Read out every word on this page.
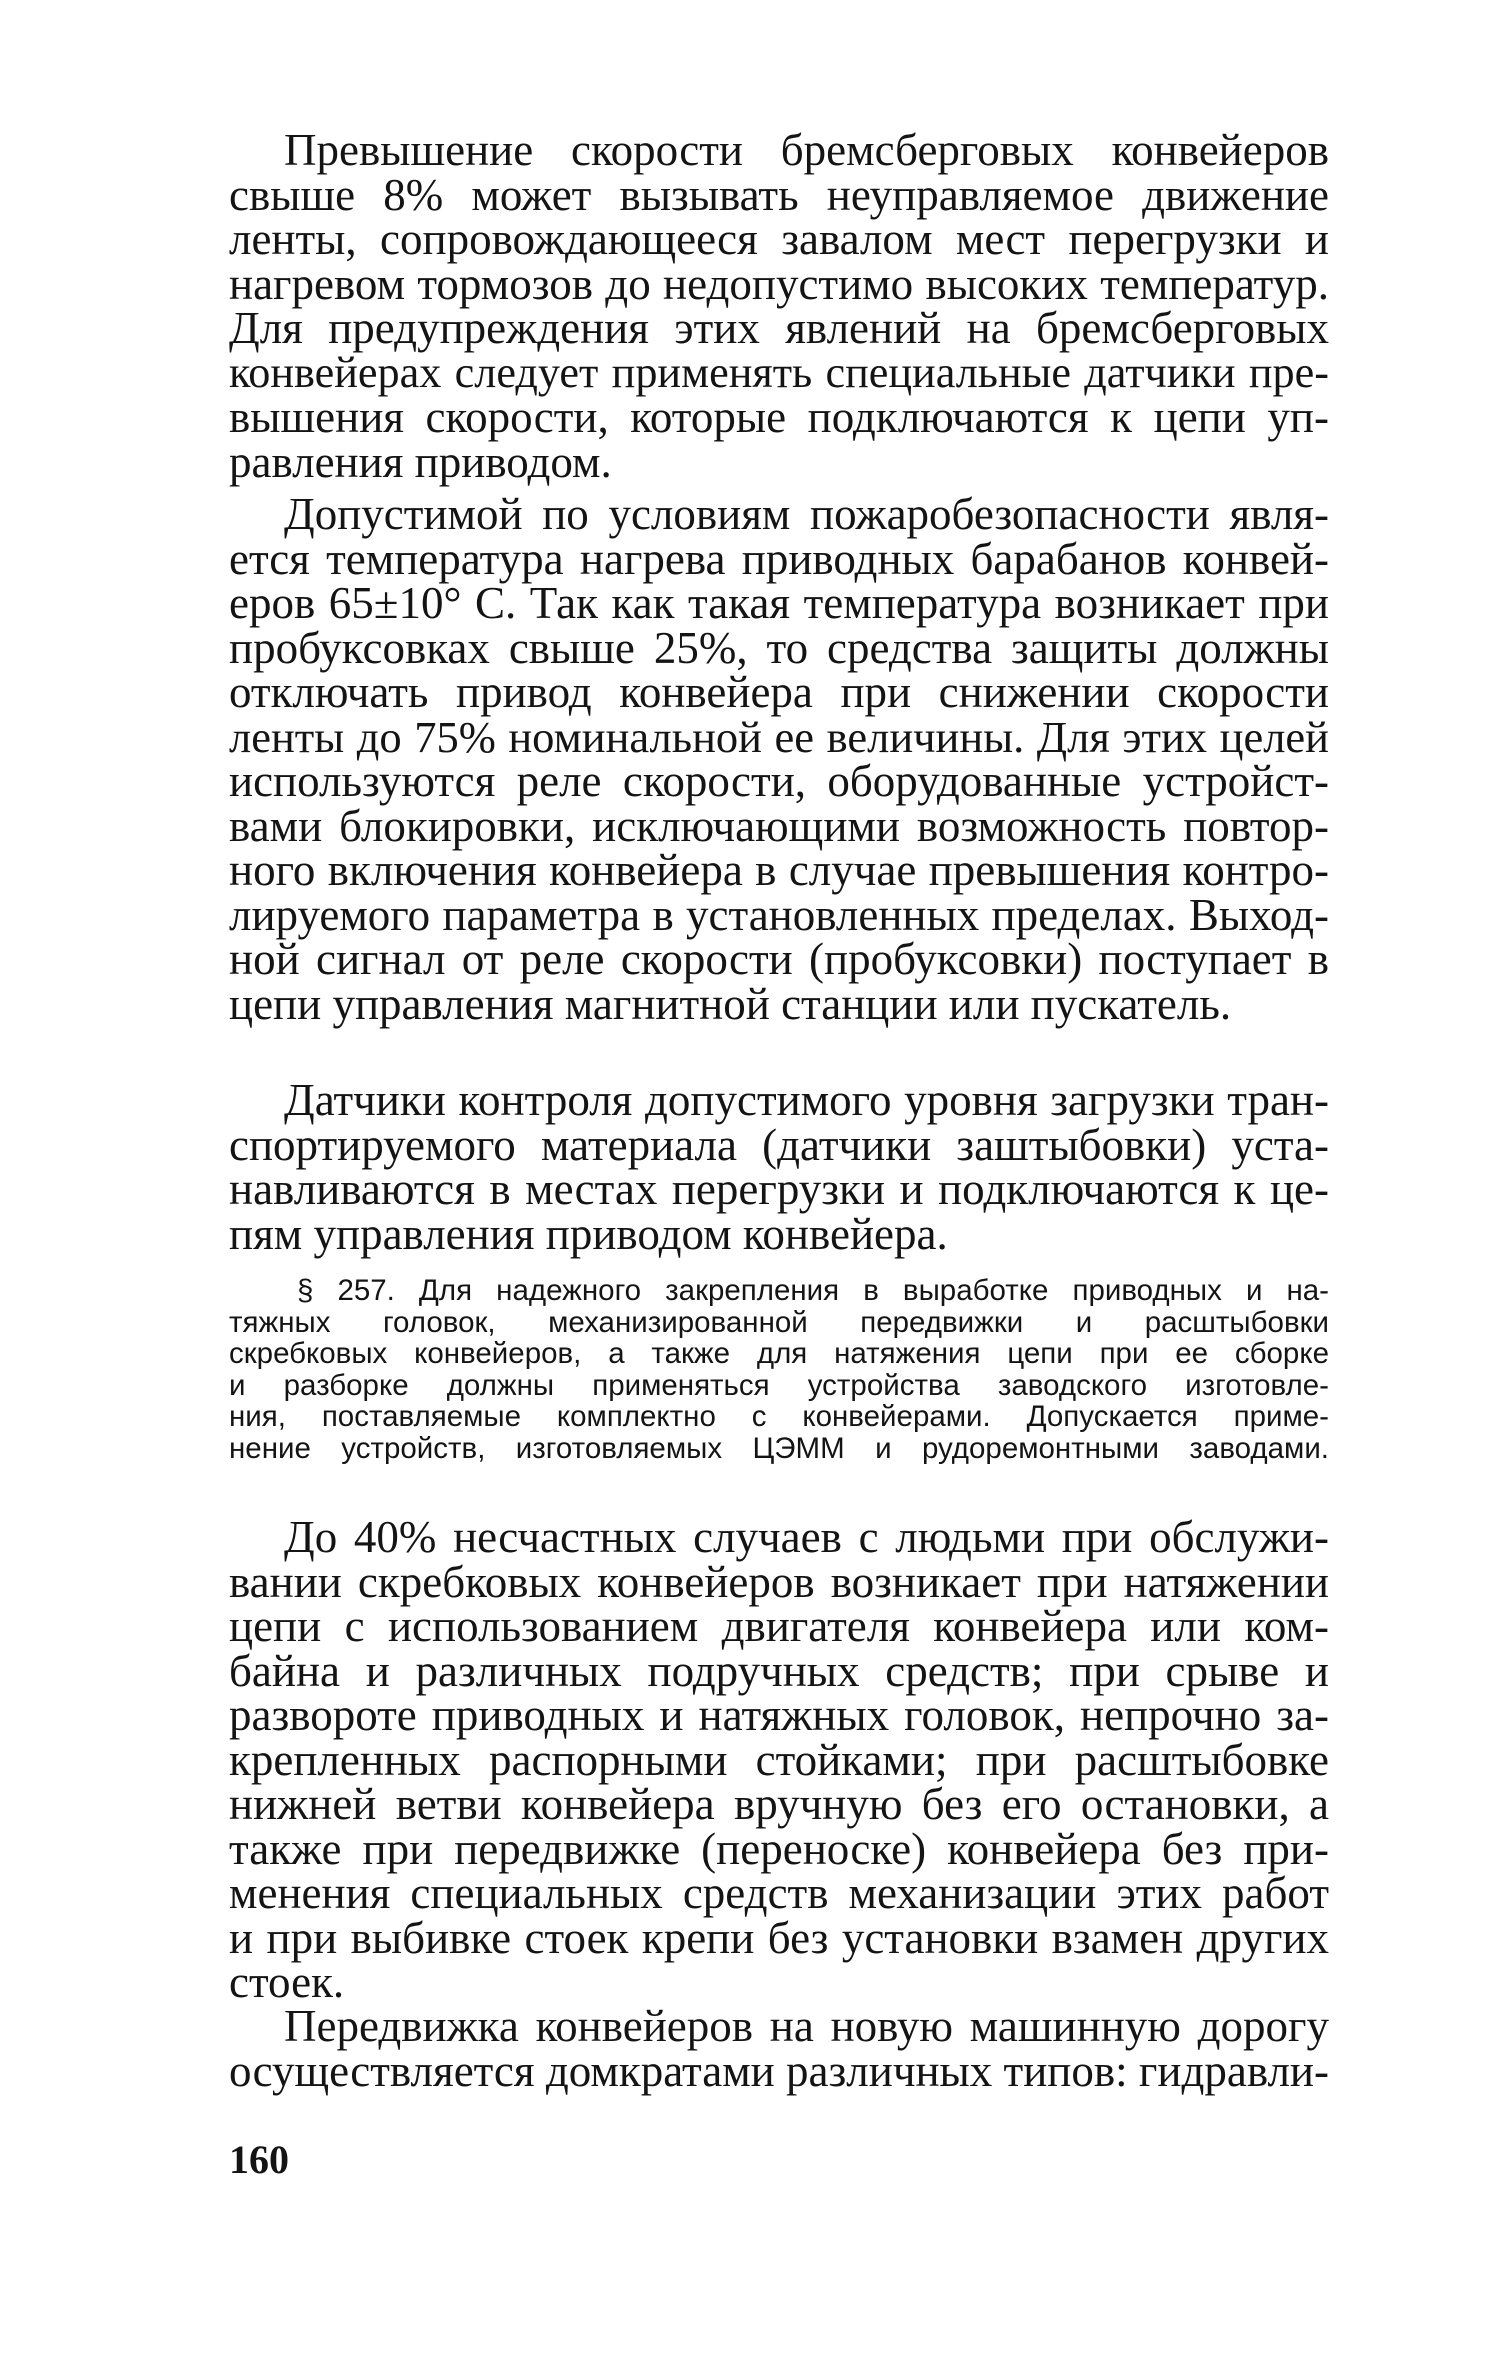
Превышение скорости бремсберговых конвейеров
свыше 8% может вызывать неуправляемое движение
ленты, сопровождающееся завалом мест перегрузки и
нагревом тормозов до недопустимо высоких температур.
Для предупреждения этих явлений на бремсберговых
конвейерах следует применять специальные датчики пре-
вышения скорости, которые подключаются к цепи уп-
равления приводом.
Допустимой по условиям пожаробезопасности явля-
ется температура нагрева приводных барабанов конвей-
еров 65±10° С. Так как такая температура возникает при
пробуксовках свыше 25%, то средства защиты должны
отключать привод конвейера при снижении скорости
ленты до 75% номинальной ее величины. Для этих целей
используются реле скорости, оборудованные устройст-
вами блокировки, исключающими возможность повтор-
ного включения конвейера в случае превышения контро-
лируемого параметра в установленных пределах. Выход-
ной сигнал от реле скорости (пробуксовки) поступает в
цепи управления магнитной станции или пускатель.
Датчики контроля допустимого уровня загрузки тран-
спортируемого материала (датчики заштыбовки) уста-
навливаются в местах перегрузки и подключаются к це-
пям управления приводом конвейера.
§ 257. Для надежного закрепления в выработке приводных и на-
тяжных головок, механизированной передвижки и расштыбовки
скребковых конвейеров, а также для натяжения цепи при ее сборке
и разборке должны применяться устройства заводского изготовле-
ния, поставляемые комплектно с конвейерами. Допускается приме-
нение устройств, изготовляемых ЦЭММ и рудоремонтными заводами.
До 40% несчастных случаев с людьми при обслужи-
вании скребковых конвейеров возникает при натяжении
цепи с использованием двигателя конвейера или ком-
байна и различных подручных средств; при срыве и
развороте приводных и натяжных головок, непрочно за-
крепленных распорными стойками; при расштыбовке
нижней ветви конвейера вручную без его остановки, а
также при передвижке (переноске) конвейера без при-
менения специальных средств механизации этих работ
и при выбивке стоек крепи без установки взамен других
стоек.
Передвижка конвейеров на новую машинную дорогу
осуществляется домкратами различных типов: гидравли-
160
